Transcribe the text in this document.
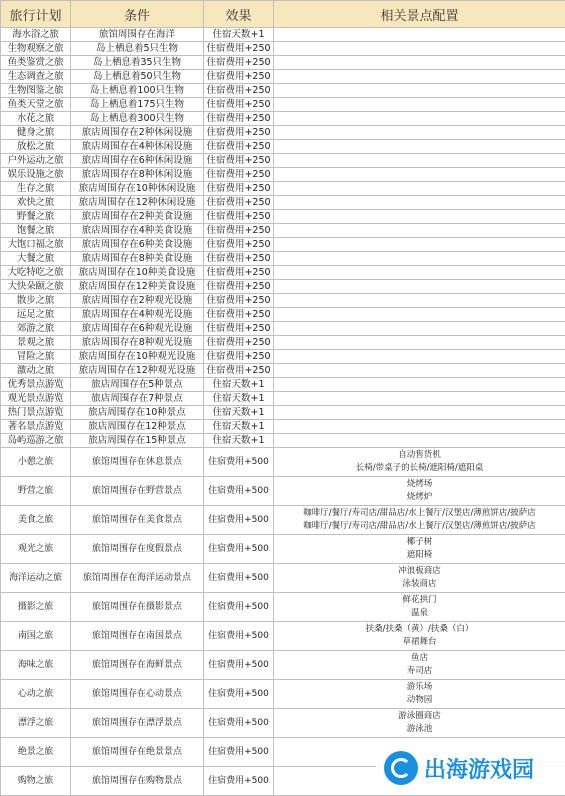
旅行计划	条件	效果	相关景点配置
海水浴之旅	旅馆周围存在海洋	住宿天数+1	
生物观察之旅	岛上栖息着5只生物	住宿费用+250	
鱼类鉴赏之旅	岛上栖息着35只生物	住宿费用+250	
生态调查之旅	岛上栖息着50只生物	住宿费用+250	
生物图鉴之旅	岛上栖息着100只生物	住宿费用+250	
鱼类天堂之旅	岛上栖息着175只生物	住宿费用+250	
水花之旅	岛上栖息着300只生物	住宿费用+250	
健身之旅	旅店周围存在2种休闲设施	住宿费用+250	
放松之旅	旅店周围存在4种休闲设施	住宿费用+250	
户外运动之旅	旅店周围存在6种休闲设施	住宿费用+250	
娱乐设施之旅	旅店周围存在8种休闲设施	住宿费用+250	
生存之旅	旅店周围存在10种休闲设施	住宿费用+250	
欢快之旅	旅店周围存在12种休闲设施	住宿费用+250	
野餐之旅	旅店周围存在2种美食设施	住宿费用+250	
饱餐之旅	旅店周围存在4种美食设施	住宿费用+250	
大饱口福之旅	旅店周围存在6种美食设施	住宿费用+250	
大餐之旅	旅店周围存在8种美食设施	住宿费用+250	
大吃特吃之旅	旅店周围存在10种美食设施	住宿费用+250	
大快朵颐之旅	旅店周围存在12种美食设施	住宿费用+250	
散步之旅	旅店周围存在2种观光设施	住宿费用+250	
远足之旅	旅店周围存在4种观光设施	住宿费用+250	
郊游之旅	旅店周围存在6种观光设施	住宿费用+250	
景观之旅	旅店周围存在8种观光设施	住宿费用+250	
冒险之旅	旅店周围存在10种观光设施	住宿费用+250	
激动之旅	旅店周围存在12种观光设施	住宿费用+250	
优秀景点游览	旅店周围存在5种景点	住宿天数+1	
观光景点游览	旅店周围存在7种景点	住宿天数+1	
热门景点游览	旅店周围存在10种景点	住宿天数+1	
著名景点游览	旅店周围存在12种景点	住宿天数+1	
岛屿巡游之旅	旅店周围存在15种景点	住宿天数+1	
小憩之旅	旅馆周围存在休息景点	住宿费用+500	自动售货机
长椅/带桌子的长椅/遮阳椅/遮阳桌

野营之旅	旅馆周围存在野营景点	住宿费用+500	烧烤场
烧烤炉

美食之旅	旅馆周围存在美食景点	住宿费用+500	咖啡厅/餐厅/寿司店/甜品店/水上餐厅/汉堡店/薄煎饼店/披萨店
咖啡厅/餐厅/寿司店/甜品店/水上餐厅/汉堡店/薄煎饼店/披萨店

观光之旅	旅馆周围存在度假景点	住宿费用+500	椰子树
遮阳椅

海洋运动之旅	旅馆周围存在海洋运动景点	住宿费用+500	冲浪板商店
泳装商店

摄影之旅	旅馆周围存在摄影景点	住宿费用+500	鲜花拱门
温泉

南国之旅	旅馆周围存在南国景点	住宿费用+500	扶桑/扶桑（黄）/扶桑（白）
草裙舞台

海味之旅	旅馆周围存在海鲜景点	住宿费用+500	鱼店
寿司店

心动之旅	旅馆周围存在心动景点	住宿费用+500	游乐场
动物园

漂浮之旅	旅馆周围存在漂浮景点	住宿费用+500	游泳圈商店
游泳池

绝景之旅	旅馆周围存在绝景景点	住宿费用+500	
购物之旅	旅馆周围存在购物景点	住宿费用+500		出海游戏园
